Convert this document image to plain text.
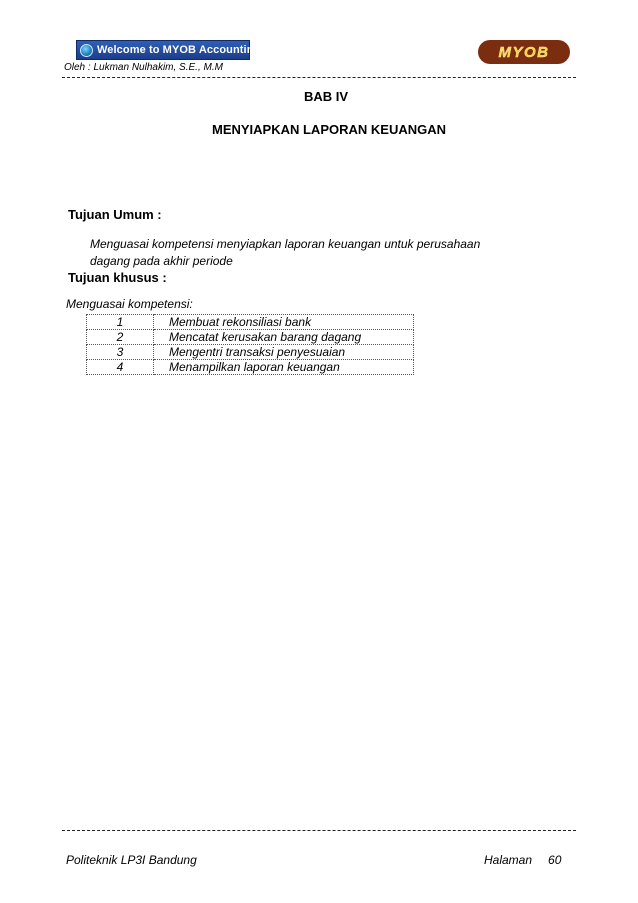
Welcome to MYOB Accounting	MYOB
Oleh : Lukman Nulhakim, S.E., M.M
BAB IV
MENYIAPKAN LAPORAN KEUANGAN
Tujuan Umum :
Menguasai kompetensi menyiapkan laporan keuangan untuk perusahaan
dagang pada akhir periode
Tujuan khusus :
Menguasai kompetensi:
1	Membuat rekonsiliasi bank
2	Mencatat kerusakan barang dagang
3	Mengentri transaksi penyesuaian
4	Menampilkan laporan keuangan
Politeknik LP3I Bandung	Halaman 60
